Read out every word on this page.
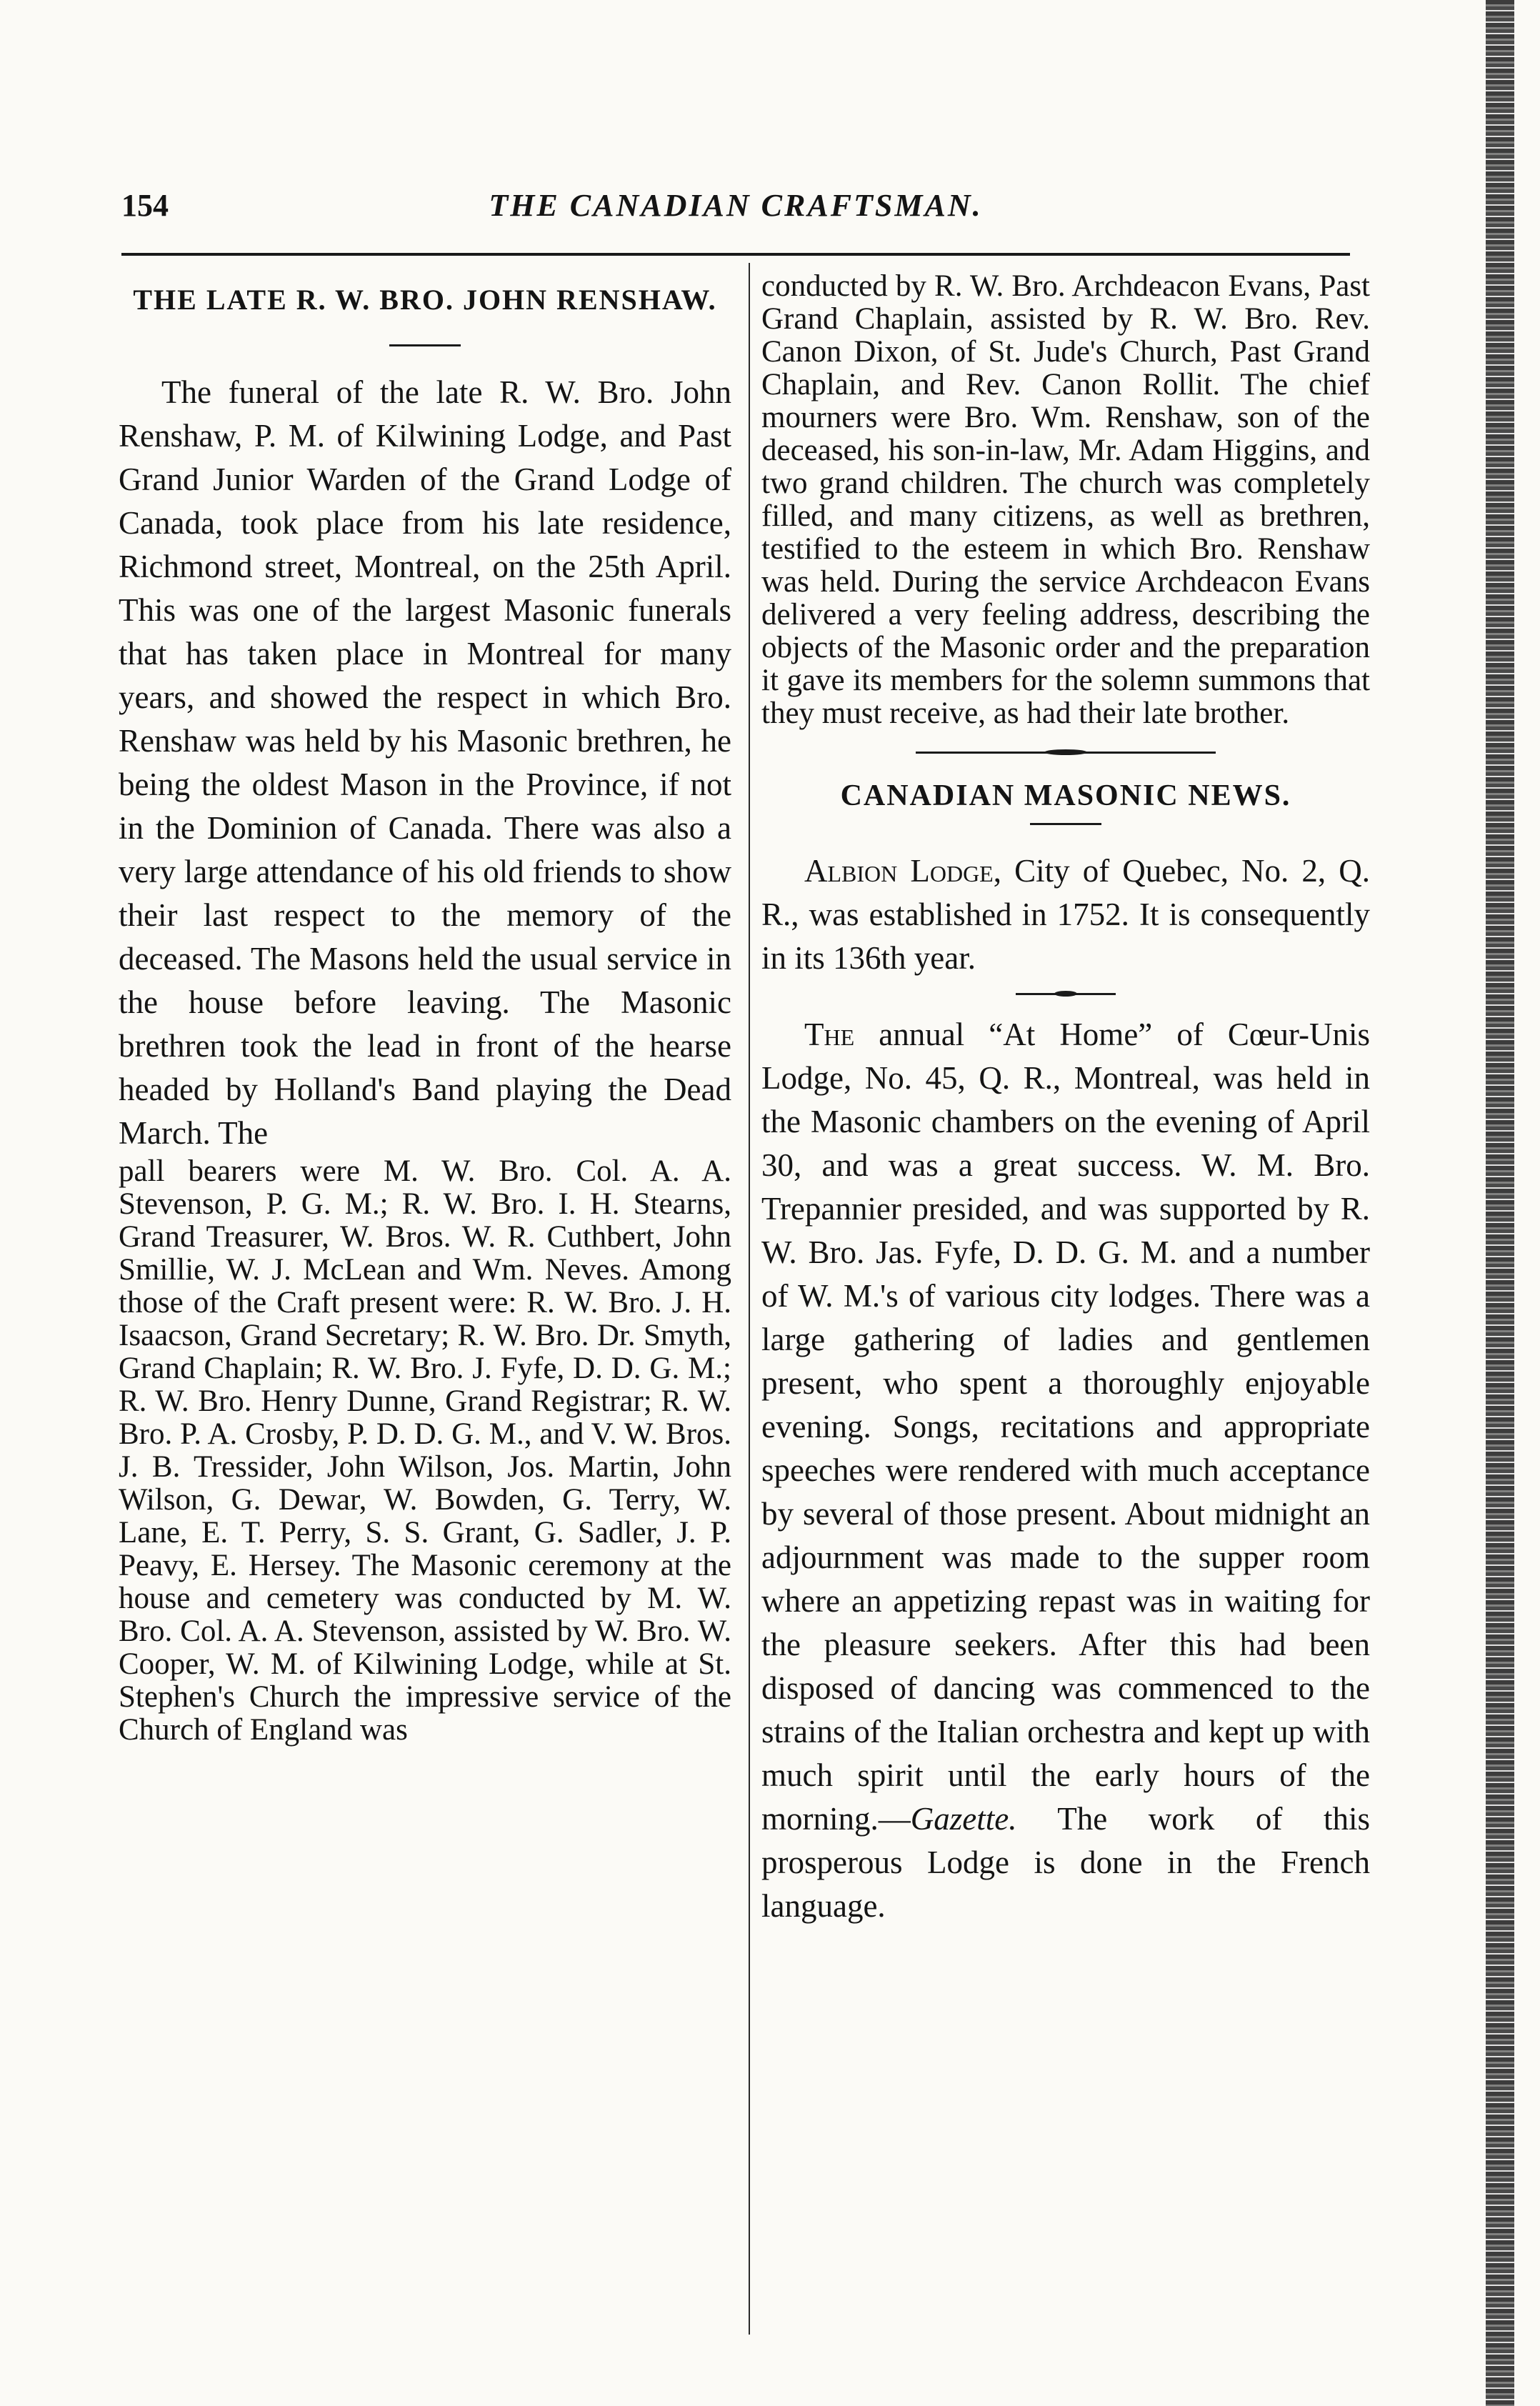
154	THE CANADIAN CRAFTSMAN.
THE LATE R. W. BRO. JOHN RENSHAW.

The funeral of the late R. W. Bro. John Renshaw, P. M. of Kilwining Lodge, and Past Grand Junior Warden of the Grand Lodge of Canada, took place from his late residence, Richmond street, Montreal, on the 25th April. This was one of the largest Masonic funerals that has taken place in Montreal for many years, and showed the respect in which Bro. Renshaw was held by his Masonic brethren, he being the oldest Mason in the Province, if not in the Dominion of Canada. There was also a very large attendance of his old friends to show their last respect to the memory of the deceased. The Masons held the usual service in the house before leaving. The Masonic brethren took the lead in front of the hearse headed by Holland's Band playing the Dead March. The

pall bearers were M. W. Bro. Col. A. A. Stevenson, P. G. M.; R. W. Bro. I. H. Stearns, Grand Treasurer, W. Bros. W. R. Cuthbert, John Smillie, W. J. McLean and Wm. Neves. Among those of the Craft present were: R. W. Bro. J. H. Isaacson, Grand Secretary; R. W. Bro. Dr. Smyth, Grand Chaplain; R. W. Bro. J. Fyfe, D. D. G. M.; R. W. Bro. Henry Dunne, Grand Registrar; R. W. Bro. P. A. Crosby, P. D. D. G. M., and V. W. Bros. J. B. Tressider, John Wilson, Jos. Martin, John Wilson, G. Dewar, W. Bowden, G. Terry, W. Lane, E. T. Perry, S. S. Grant, G. Sadler, J. P. Peavy, E. Hersey. The Masonic ceremony at the house and cemetery was conducted by M. W. Bro. Col. A. A. Stevenson, assisted by W. Bro. W. Cooper, W. M. of Kilwining Lodge, while at St. Stephen's Church the impressive service of the Church of England was

conducted by R. W. Bro. Archdeacon Evans, Past Grand Chaplain, assisted by R. W. Bro. Rev. Canon Dixon, of St. Jude's Church, Past Grand Chaplain, and Rev. Canon Rollit. The chief mourners were Bro. Wm. Renshaw, son of the deceased, his son-in-law, Mr. Adam Higgins, and two grand children. The church was completely filled, and many citizens, as well as brethren, testified to the esteem in which Bro. Renshaw was held. During the service Archdeacon Evans delivered a very feeling address, describing the objects of the Masonic order and the preparation it gave its members for the solemn summons that they must receive, as had their late brother.

CANADIAN MASONIC NEWS.

Albion Lodge, City of Quebec, No. 2, Q. R., was established in 1752. It is consequently in its 136th year.

The annual “At Home” of Cœur-Unis Lodge, No. 45, Q. R., Montreal, was held in the Masonic chambers on the evening of April 30, and was a great success. W. M. Bro. Trepannier presided, and was supported by R. W. Bro. Jas. Fyfe, D. D. G. M. and a number of W. M.'s of various city lodges. There was a large gathering of ladies and gentlemen present, who spent a thoroughly enjoyable evening. Songs, recitations and appropriate speeches were rendered with much acceptance by several of those present. About midnight an adjournment was made to the supper room where an appetizing repast was in waiting for the pleasure seekers. After this had been disposed of dancing was commenced to the strains of the Italian orchestra and kept up with much spirit until the early hours of the morning.—Gazette. The work of this prosperous Lodge is done in the French language.
